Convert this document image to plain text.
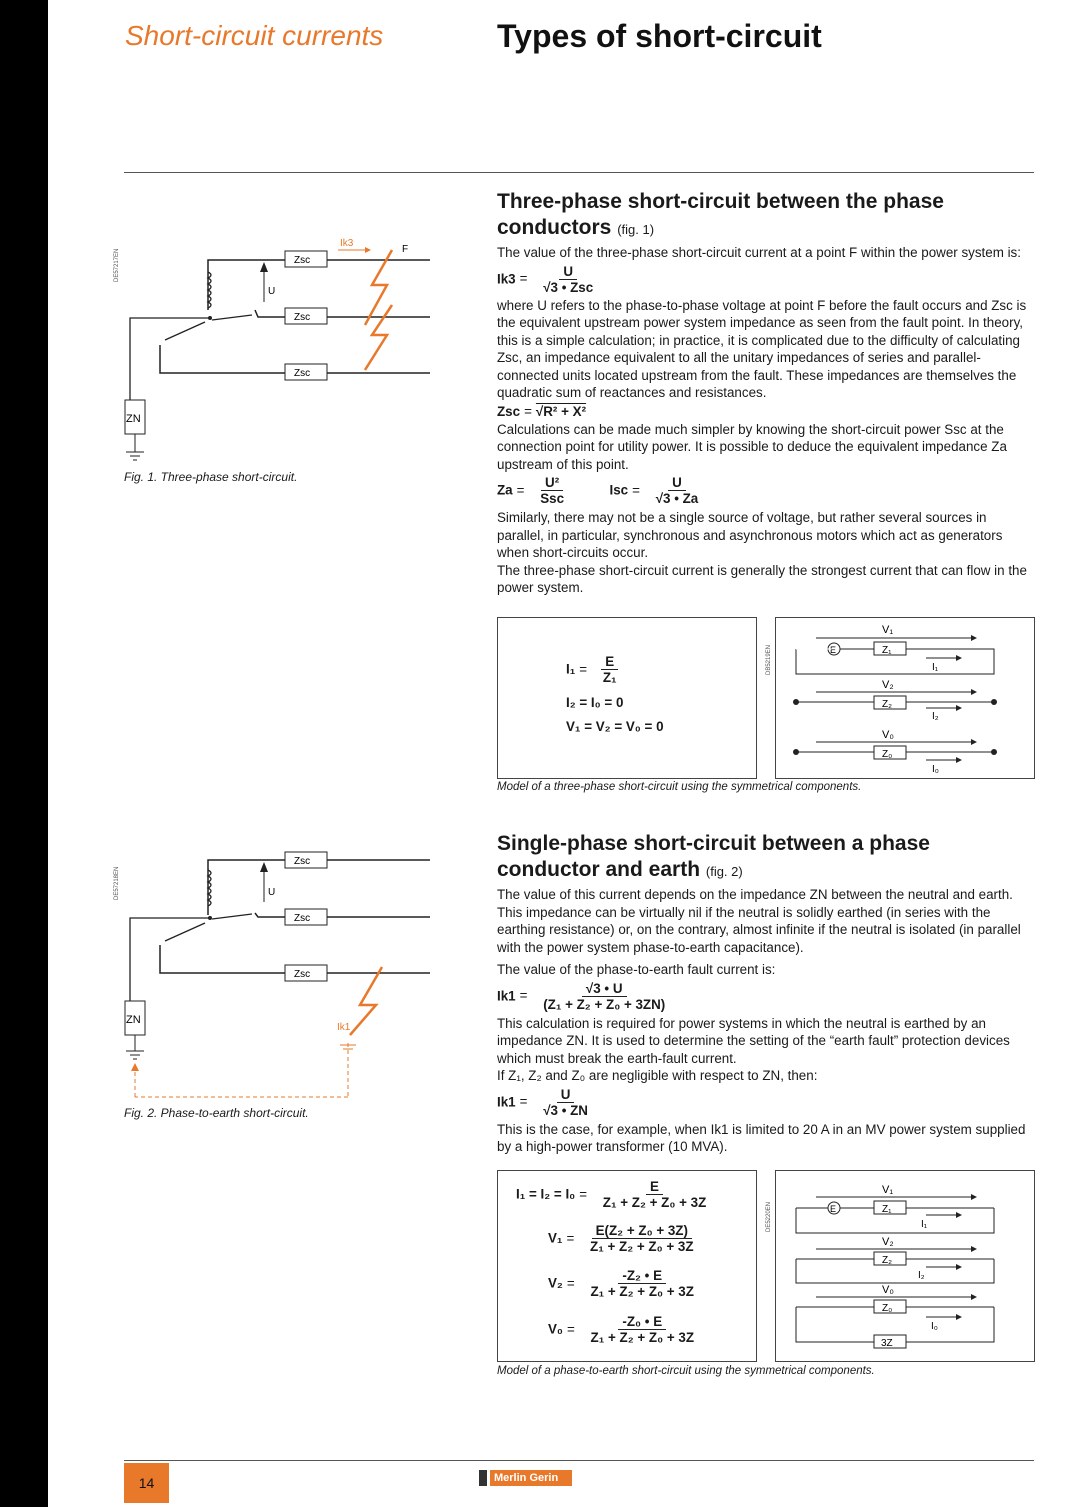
Short-circuit currents	Types of short-circuit
DE57217EN
ZN
U
Zsc
Zsc
Zsc
Ik3
F
Fig. 1. Three-phase short-circuit.
Three-phase short-circuit between the phase conductors (fig. 1)

The value of the three-phase short-circuit current at a point F within the power system is:

$Ik3 = \frac{U}{\text{√3 • Zsc}}$

where U refers to the phase-to-phase voltage at point F before the fault occurs and Zsc is the equivalent upstream power system impedance as seen from the fault point. In theory, this is a simple calculation; in practice, it is complicated due to the difficulty of calculating Zsc, an impedance equivalent to all the unitary impedances of series and parallel-connected units located upstream from the fault. These impedances are themselves the quadratic sum of reactances and resistances.

Zsc = √R² + X²

Calculations can be made much simpler by knowing the short-circuit power Ssc at the connection point for utility power. It is possible to deduce the equivalent impedance Za upstream of this point.

$Za = \frac{\text{U²}}{\text{Ssc}}$	Isc = $\frac{U}{√3 • Za}$

Similarly, there may not be a single source of voltage, but rather several sources in parallel, in particular, synchronous and asynchronous motors which act as generators when short-circuits occur.

The three-phase short-circuit current is generally the strongest current that can flow in the power system.

$I_1 = \frac{E}{\text{Z₁}}$
I₂ = I₀ = 0
V₁ = V₂ = V₀ = 0
DB5219EN
V₁
E	Z₁
I₁
V₂
Z₂
I₂
V₀
Z₀
I₀
Model of a three-phase short-circuit using the symmetrical components.
DE57218EN
ZN
U
Zsc
Zsc
Zsc
Ik1
Fig. 2. Phase-to-earth short-circuit.
Single-phase short-circuit between a phase conductor and earth (fig. 2)

The value of this current depends on the impedance ZN between the neutral and earth. This impedance can be virtually nil if the neutral is solidly earthed (in series with the earthing resistance) or, on the contrary, almost infinite if the neutral is isolated (in parallel with the power system phase-to-earth capacitance).

The value of the phase-to-earth fault current is:

$Ik1 = \frac{√3 • U}{\text{(Z₁ + Z₂ + Z₀ + 3ZN)}}$

This calculation is required for power systems in which the neutral is earthed by an impedance ZN. It is used to determine the setting of the “earth fault” protection devices which must break the earth-fault current.

If Z₁, Z₂ and Z₀ are negligible with respect to ZN, then:

$Ik1 = \frac{U}{√3 • ZN}$

This is the case, for example, when Ik1 is limited to 20 A in an MV power system supplied by a high-power transformer (10 MVA).

$I_1 = I_2 = I_0 = \frac{E}{\text{Z₁ + Z₂ + Z₀ + 3Z}}$
$V_1 = \frac{\text{E(Z₂ + Z₀ + 3Z)}}{\text{Z₁ + Z₂ + Z₀ + 3Z}}$
$V_2 = \frac{\text{-Z₂ • E}}{\text{Z₁ + Z₂ + Z₀ + 3Z}}$
$V_0 = \frac{\text{-Z₀ • E}}{\text{Z₁ + Z₂ + Z₀ + 3Z}}$
DE5220EN
V₁
E	Z₁
I₁
V₂
Z₂
I₂
V₀
Z₀
I₀
3Z
Model of a phase-to-earth short-circuit using the symmetrical components.
14	Merlin Gerin
